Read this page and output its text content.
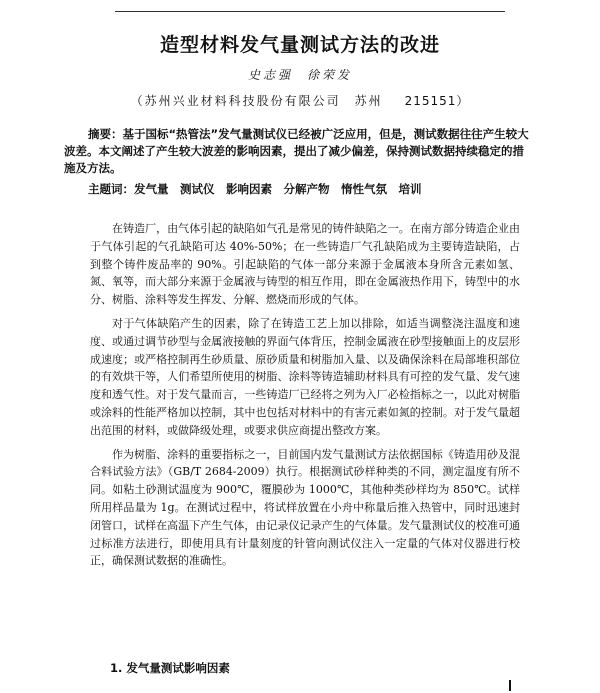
造型材料发气量测试方法的改进
史志强 徐荣发
（苏州兴业材料科技股份有限公司 苏州 215151）
摘要：基于国标“热管法”发气量测试仪已经被广泛应用，但是，测试数据往往产生较大波差。本文阐述了产生较大波差的影响因素，提出了减少偏差，保持测试数据持续稳定的措施及方法。
主题词：发气量　测试仪　影响因素　分解产物　惰性气氛　培训

在铸造厂，由气体引起的缺陷如气孔是常见的铸件缺陷之一。在南方部分铸造企业由于气体引起的气孔缺陷可达 40%-50%；在一些铸造厂气孔缺陷成为主要铸造缺陷，占到整个铸件废品率的 90%。引起缺陷的气体一部分来源于金属液本身所含元素如氢、氮、氧等，而大部分来源于金属液与铸型的相互作用，即在金属液热作用下，铸型中的水分、树脂、涂料等发生挥发、分解、燃烧而形成的气体。

对于气体缺陷产生的因素，除了在铸造工艺上加以排除，如适当调整浇注温度和速度、或通过调节砂型与金属液接触的界面气体背压，控制金属液在砂型接触面上的皮层形成速度；或严格控制再生砂质量、原砂质量和树脂加入量、以及确保涂料在局部堆积部位的有效烘干等，人们希望所使用的树脂、涂料等铸造辅助材料具有可控的发气量、发气速度和透气性。对于发气量而言，一些铸造厂已经将之列为入厂必检指标之一，以此对树脂或涂料的性能严格加以控制，其中也包括对材料中的有害元素如氮的控制。对于发气量超出范围的材料，或做降级处理，或要求供应商提出整改方案。

作为树脂、涂料的重要指标之一，目前国内发气量测试方法依据国标《铸造用砂及混合料试验方法》（GB/T 2684-2009）执行。根据测试砂样种类的不同，测定温度有所不同。如粘土砂测试温度为 900℃，覆膜砂为 1000℃，其他种类砂样均为 850℃。试样所用样品量为 1g。在测试过程中，将试样放置在小舟中称量后推入热管中，同时迅速封闭管口，试样在高温下产生气体，由记录仪记录产生的气体量。发气量测试仪的校准可通过标准方法进行，即使用具有计量刻度的针管向测试仪注入一定量的气体对仪器进行校正，确保测试数据的准确性。

1. 发气量测试影响因素
